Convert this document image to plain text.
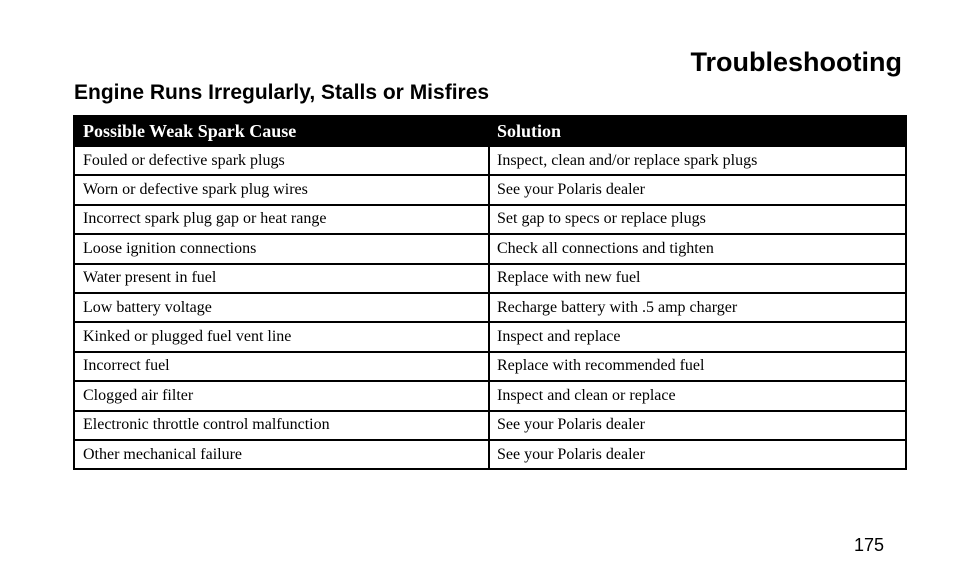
Troubleshooting
Engine Runs Irregularly, Stalls or Misfires
Possible Weak Spark Cause	Solution
Fouled or defective spark plugs	Inspect, clean and/or replace spark plugs
Worn or defective spark plug wires	See your Polaris dealer
Incorrect spark plug gap or heat range	Set gap to specs or replace plugs
Loose ignition connections	Check all connections and tighten
Water present in fuel	Replace with new fuel
Low battery voltage	Recharge battery with .5 amp charger
Kinked or plugged fuel vent line	Inspect and replace
Incorrect fuel	Replace with recommended fuel
Clogged air filter	Inspect and clean or replace
Electronic throttle control malfunction	See your Polaris dealer
Other mechanical failure	See your Polaris dealer
175
